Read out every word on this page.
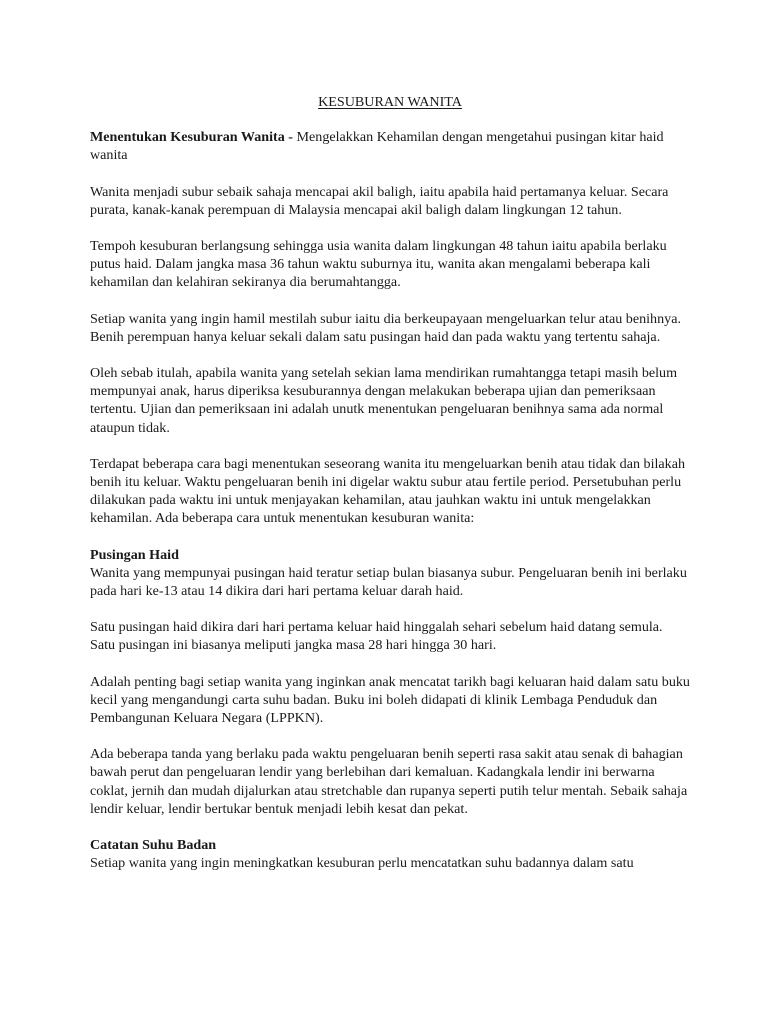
KESUBURAN WANITA

Menentukan Kesuburan Wanita - Mengelakkan Kehamilan dengan mengetahui pusingan kitar haid wanita

Wanita menjadi subur sebaik sahaja mencapai akil baligh, iaitu apabila haid pertamanya keluar. Secara purata, kanak-kanak perempuan di Malaysia mencapai akil baligh dalam lingkungan 12 tahun.

Tempoh kesuburan berlangsung sehingga usia wanita dalam lingkungan 48 tahun iaitu apabila berlaku putus haid. Dalam jangka masa 36 tahun waktu suburnya itu, wanita akan mengalami beberapa kali kehamilan dan kelahiran sekiranya dia berumahtangga.

Setiap wanita yang ingin hamil mestilah subur iaitu dia berkeupayaan mengeluarkan telur atau benihnya. Benih perempuan hanya keluar sekali dalam satu pusingan haid dan pada waktu yang tertentu sahaja.

Oleh sebab itulah, apabila wanita yang setelah sekian lama mendirikan rumahtangga tetapi masih belum mempunyai anak, harus diperiksa kesuburannya dengan melakukan beberapa ujian dan pemeriksaan tertentu. Ujian dan pemeriksaan ini adalah unutk menentukan pengeluaran benihnya sama ada normal ataupun tidak.

Terdapat beberapa cara bagi menentukan seseorang wanita itu mengeluarkan benih atau tidak dan bilakah benih itu keluar. Waktu pengeluaran benih ini digelar waktu subur atau fertile period. Persetubuhan perlu dilakukan pada waktu ini untuk menjayakan kehamilan, atau jauhkan waktu ini untuk mengelakkan kehamilan. Ada beberapa cara untuk menentukan kesuburan wanita:

Pusingan Haid

Wanita yang mempunyai pusingan haid teratur setiap bulan biasanya subur. Pengeluaran benih ini berlaku pada hari ke-13 atau 14 dikira dari hari pertama keluar darah haid.

Satu pusingan haid dikira dari hari pertama keluar haid hinggalah sehari sebelum haid datang semula. Satu pusingan ini biasanya meliputi jangka masa 28 hari hingga 30 hari.

Adalah penting bagi setiap wanita yang inginkan anak mencatat tarikh bagi keluaran haid dalam satu buku kecil yang mengandungi carta suhu badan. Buku ini boleh didapati di klinik Lembaga Penduduk dan Pembangunan Keluara Negara (LPPKN).

Ada beberapa tanda yang berlaku pada waktu pengeluaran benih seperti rasa sakit atau senak di bahagian bawah perut dan pengeluaran lendir yang berlebihan dari kemaluan. Kadangkala lendir ini berwarna coklat, jernih dan mudah dijalurkan atau stretchable dan rupanya seperti putih telur mentah. Sebaik sahaja lendir keluar, lendir bertukar bentuk menjadi lebih kesat dan pekat.

Catatan Suhu Badan

Setiap wanita yang ingin meningkatkan kesuburan perlu mencatatkan suhu badannya dalam satu
